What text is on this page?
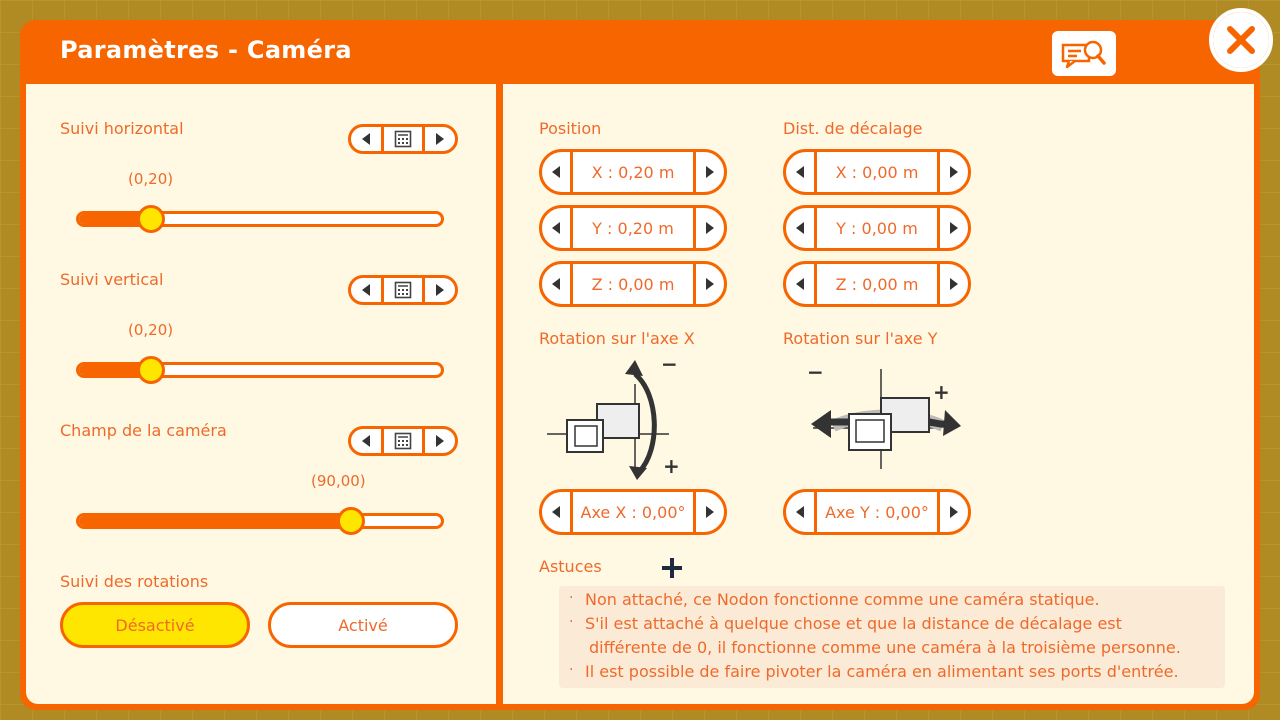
Paramètres - Caméra
Suivi horizontal
(0,20)
Suivi vertical
(0,20)
Champ de la caméra
(90,00)
Suivi des rotations
Désactivé	Activé
Position
X : 0,20 m
Y : 0,20 m
Z : 0,00 m
Dist. de décalage
X : 0,00 m
Y : 0,00 m
Z : 0,00 m
Rotation sur l'axe X
−
+
Axe X : 0,00°
Rotation sur l'axe Y
−
+
Axe Y : 0,00°
Astuces
· Non attaché, ce Nodon fonctionne comme une caméra statique.
· S'il est attaché à quelque chose et que la distance de décalage est
différente de 0, il fonctionne comme une caméra à la troisième personne.
· Il est possible de faire pivoter la caméra en alimentant ses ports d'entrée.
